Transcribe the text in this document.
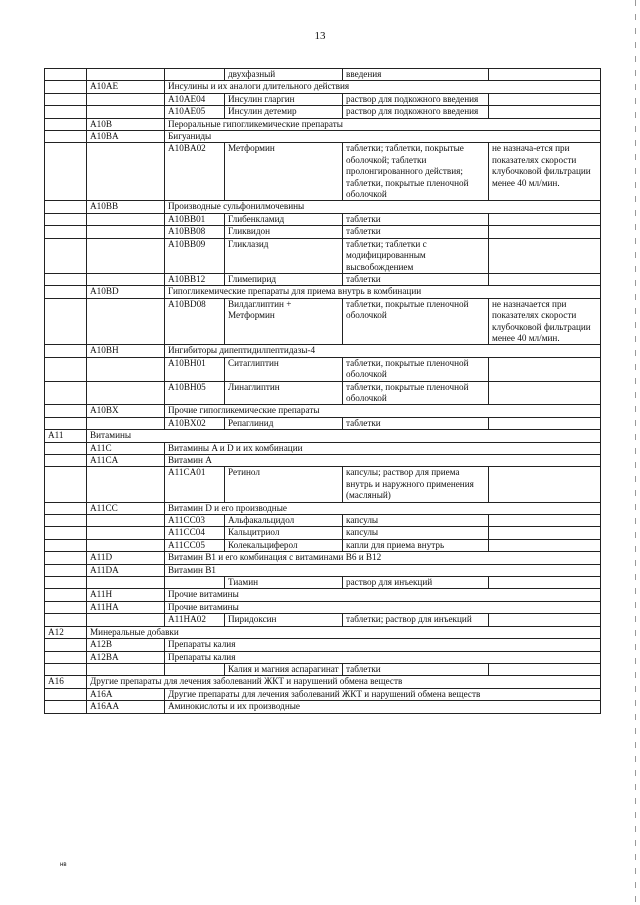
13
			двухфазный	введения	
	A10AE	Инсулины и их аналоги длительного действия			
		A10AE04	Инсулин гларгин	раствор для подкожного введения	
		A10AE05	Инсулин детемир	раствор для подкожного введения	
	A10B	Пероральные гипогликемические препараты			
	A10BA	Бигуаниды			
		A10BA02	Метформин	таблетки; таблетки, покрытые оболочкой; таблетки пролонгированного действия; таблетки, покрытые пленочной оболочкой	не назнача-ется при показателях скорости клубочковой фильтрации менее 40 мл/мин.
	A10BB	Производные сульфонилмочевины			
		A10BB01	Глибенкламид	таблетки	
		A10BB08	Гликвидон	таблетки	
		A10BB09	Гликлазид	таблетки; таблетки с модифицированным высвобождением	
		A10BB12	Глимепирид	таблетки	
	A10BD	Гипогликемические препараты для приема внутрь в комбинации			
		A10BD08	Вилдаглиптин + Метформин	таблетки, покрытые пленочной оболочкой	не назначается при показателях скорости клубочковой фильтрации менее 40 мл/мин.
	A10BH	Ингибиторы дипептидилпептидазы-4			
		A10BH01	Ситаглиптин	таблетки, покрытые пленочной оболочкой	
		A10BH05	Линаглиптин	таблетки, покрытые пленочной оболочкой	
	A10BX	Прочие гипогликемические препараты			
		A10BX02	Репаглинид	таблетки	
A11	Витамины				
	A11C	Витамины A и D и их комбинации			
	A11CA	Витамин A			
		A11CA01	Ретинол	капсулы; раствор для приема внутрь и наружного применения (масляный)	
	A11CC	Витамин D и его производные			
		A11CC03	Альфакальцидол	капсулы	
		A11CC04	Кальцитриол	капсулы	
		A11CC05	Колекальциферол	капли для приема внутрь	
	A11D	Витамин B1 и его комбинация с витаминами B6 и B12			
	A11DA	Витамин B1			
			Тиамин	раствор для инъекций	
	A11H	Прочие витамины			
	A11HA	Прочие витамины			
		A11HA02	Пиридоксин	таблетки; раствор для инъекций	
A12	Минеральные добавки				
	A12B	Препараты калия			
	A12BA	Препараты калия			
			Калия и магния аспарагинат	таблетки	
A16	Другие препараты для лечения заболеваний ЖКТ и нарушений обмена веществ				
	A16A	Другие препараты для лечения заболеваний ЖКТ и нарушений обмена веществ			
	A16AA	Аминокислоты и их производные			
нв
